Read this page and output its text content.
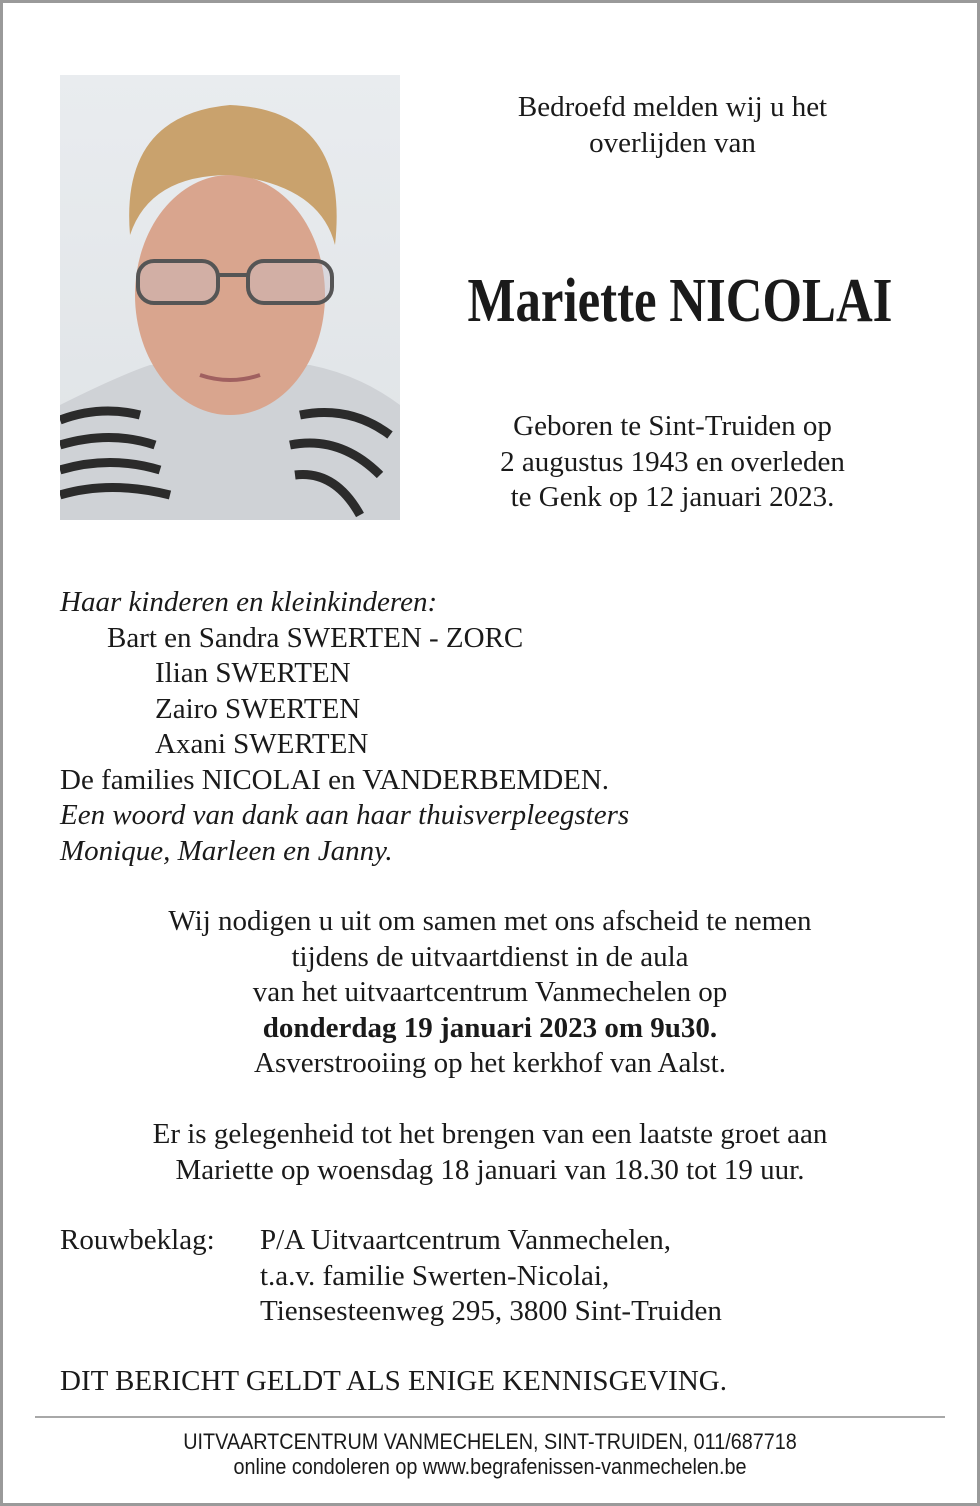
Bedroefd melden wij u het
overlijden van
Mariette NICOLAI
Geboren te Sint-Truiden op
2 augustus 1943 en overleden
te Genk op 12 januari 2023.
Haar kinderen en kleinkinderen:
Bart en Sandra SWERTEN - ZORC
Ilian SWERTEN
Zairo SWERTEN
Axani SWERTEN
De families NICOLAI en VANDERBEMDEN.
Een woord van dank aan haar thuisverpleegsters
Monique, Marleen en Janny.
Wij nodigen u uit om samen met ons afscheid te nemen
tijdens de uitvaartdienst in de aula
van het uitvaartcentrum Vanmechelen op
donderdag 19 januari 2023 om 9u30.
Asverstrooiing op het kerkhof van Aalst.
Er is gelegenheid tot het brengen van een laatste groet aan
Mariette op woensdag 18 januari van 18.30 tot 19 uur.
Rouwbeklag: P/A Uitvaartcentrum Vanmechelen,
t.a.v. familie Swerten-Nicolai,
Tiensesteenweg 295, 3800 Sint-Truiden
DIT BERICHT GELDT ALS ENIGE KENNISGEVING.
UITVAARTCENTRUM VANMECHELEN, SINT-TRUIDEN, 011/687718
online condoleren op www.begrafenissen-vanmechelen.be
